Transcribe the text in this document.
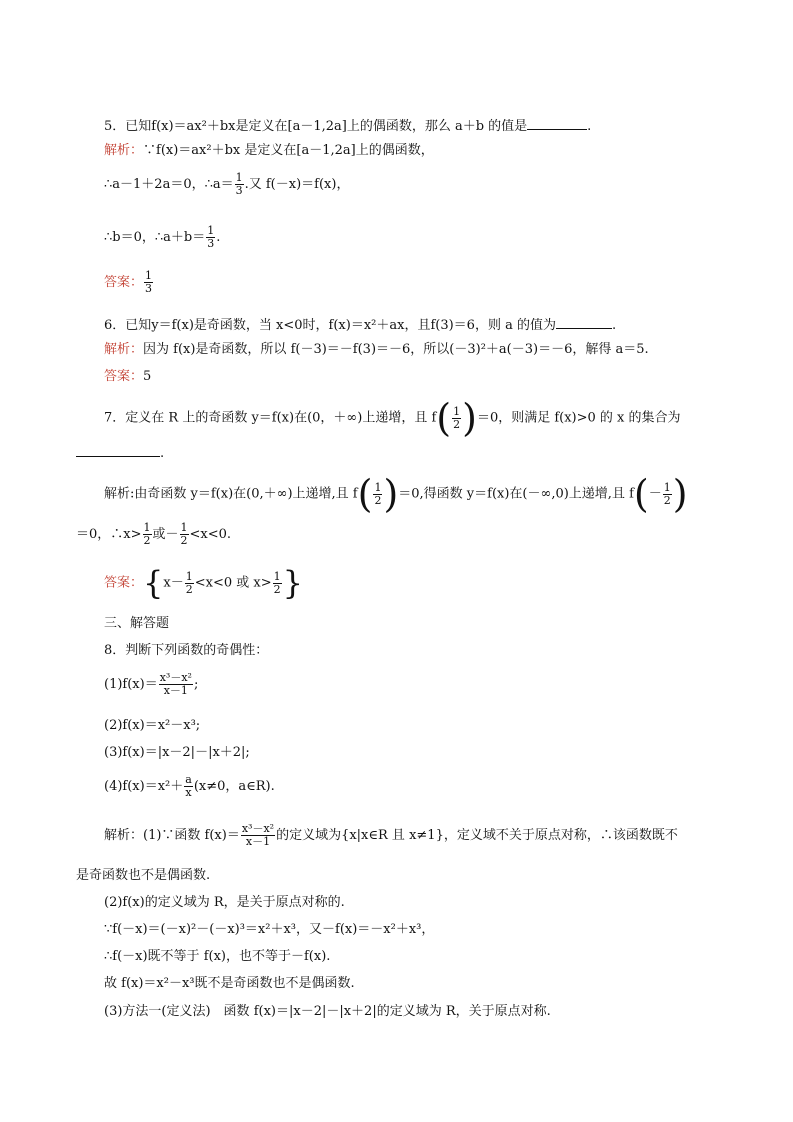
5．已知f(x)＝ax²＋bx是定义在[a－1,2a]上的偶函数，那么 a＋b 的值是	.
解析：∵f(x)＝ax²＋bx 是定义在[a－1,2a]上的偶函数，
∴a－1＋2a＝0，∴a＝ $\frac{1}{3}$ .又 f(－x)＝f(x)，
∴b＝0，∴a＋b＝ $\frac{1}{3}$ .
答案： $\frac{1}{3}$
6．已知y＝f(x)是奇函数，当 x<0时，f(x)＝x²＋ax，且f(3)＝6，则 a 的值为	.
解析：因为 f(x)是奇函数，所以 f(－3)＝－f(3)＝－6，所以(－3)²＋a(－3)＝－6，解得 a＝5.
答案：5
7．定义在 R 上的奇函数 y＝f(x)在(0，＋∞)上递增，且 $f( \frac{1}{2} )=0$，则满足 f(x)>0 的 x 的集合为
.
解析:由奇函数 y＝f(x)在(0,＋∞)上递增,且 $f( \frac{1}{2} )=0$,得函数 y＝f(x)在(－∞,0)上递增,且 $f(- \frac{1}{2}$ )
＝0，∴x> $\frac{1}{2}$ 或－ $\frac{1}{2} <x<0$.
答案：{$x- \frac{1}{2} <x<0$ 或 $x> \frac{1}{2}$ }
三、解答题
8．判断下列函数的奇偶性：
$(1)f(x)= \frac{\text{x³－x²}}{x-1}$ ;
(2)f(x)＝x²－x³;
(3)f(x)＝|x－2|－|x＋2|;
$(4)f(x)=x^2+ \frac{a}{x} (x\ne 0$，a∈R).
解析：(1)∵函数 $f(x)= \frac{\text{x³－x²}}{x-1}$ 的定义域为{x|x∈R 且 x≠1}，定义域不关于原点对称，∴该函数既不
是奇函数也不是偶函数.
(2)f(x)的定义域为 R，是关于原点对称的.
∵f(－x)＝(－x)²－(－x)³＝x²＋x³，又－f(x)＝－x²＋x³，
∴f(－x)既不等于 f(x)，也不等于－f(x).
故 f(x)＝x²－x³既不是奇函数也不是偶函数.
(3)方法一(定义法)　函数 f(x)＝|x－2|－|x＋2|的定义域为 R，关于原点对称.
